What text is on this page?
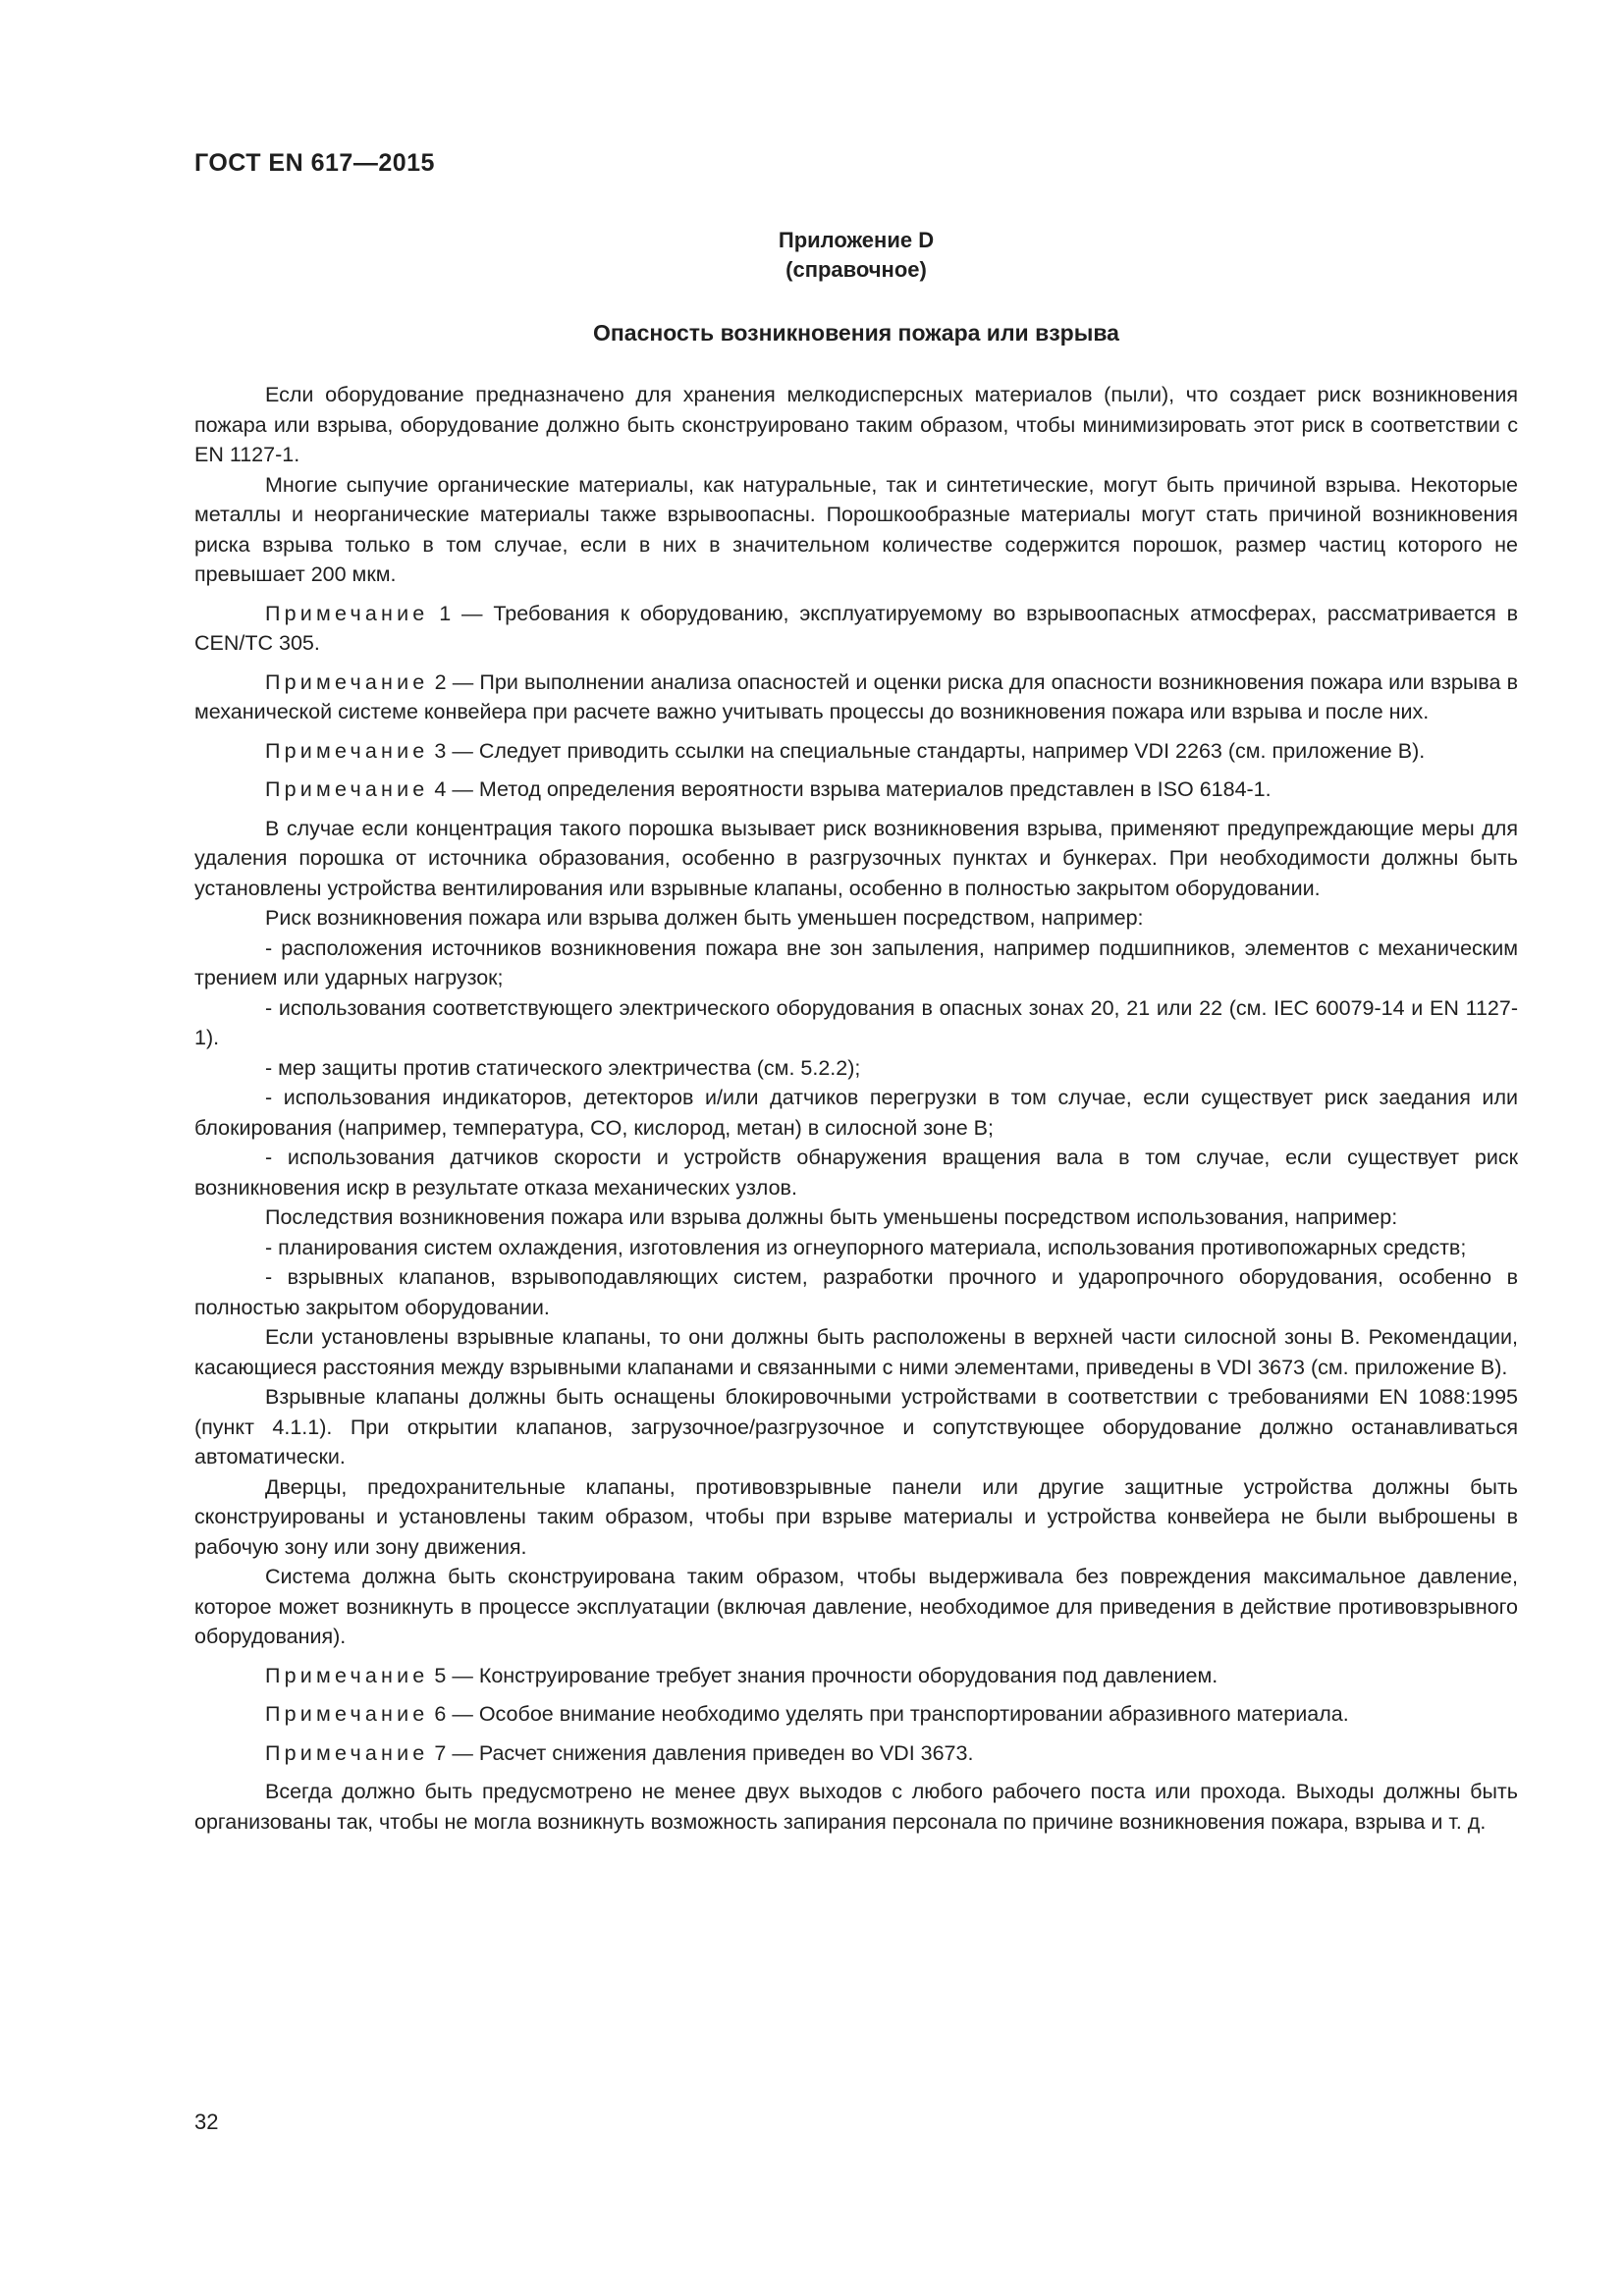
ГОСТ EN 617—2015
Приложение D
(справочное)
Опасность возникновения пожара или взрыва

Если оборудование предназначено для хранения мелкодисперсных материалов (пыли), что создает риск возникновения пожара или взрыва, оборудование должно быть сконструировано таким образом, чтобы минимизировать этот риск в соответствии с EN 1127-1.

Многие сыпучие органические материалы, как натуральные, так и синтетические, могут быть причиной взрыва. Некоторые металлы и неорганические материалы также взрывоопасны. Порошкообразные материалы могут стать причиной возникновения риска взрыва только в том случае, если в них в значительном количестве содержится порошок, размер частиц которого не превышает 200 мкм.

Примечание 1 — Требования к оборудованию, эксплуатируемому во взрывоопасных атмосферах, рассматривается в CEN/TC 305.

Примечание 2 — При выполнении анализа опасностей и оценки риска для опасности возникновения пожара или взрыва в механической системе конвейера при расчете важно учитывать процессы до возникновения пожара или взрыва и после них.

Примечание 3 — Следует приводить ссылки на специальные стандарты, например VDI 2263 (см. приложение B).

Примечание 4 — Метод определения вероятности взрыва материалов представлен в ISO 6184-1.

В случае если концентрация такого порошка вызывает риск возникновения взрыва, применяют предупреждающие меры для удаления порошка от источника образования, особенно в разгрузочных пунктах и бункерах. При необходимости должны быть установлены устройства вентилирования или взрывные клапаны, особенно в полностью закрытом оборудовании.

Риск возникновения пожара или взрыва должен быть уменьшен посредством, например:

- расположения источников возникновения пожара вне зон запыления, например подшипников, элементов с механическим трением или ударных нагрузок;

- использования соответствующего электрического оборудования в опасных зонах 20, 21 или 22 (см. IEC 60079-14 и EN 1127-1).

- мер защиты против статического электричества (см. 5.2.2);

- использования индикаторов, детекторов и/или датчиков перегрузки в том случае, если существует риск заедания или блокирования (например, температура, CO, кислород, метан) в силосной зоне B;

- использования датчиков скорости и устройств обнаружения вращения вала в том случае, если существует риск возникновения искр в результате отказа механических узлов.

Последствия возникновения пожара или взрыва должны быть уменьшены посредством использования, например:

- планирования систем охлаждения, изготовления из огнеупорного материала, использования противопожарных средств;

- взрывных клапанов, взрывоподавляющих систем, разработки прочного и ударопрочного оборудования, особенно в полностью закрытом оборудовании.

Если установлены взрывные клапаны, то они должны быть расположены в верхней части силосной зоны B. Рекомендации, касающиеся расстояния между взрывными клапанами и связанными с ними элементами, приведены в VDI 3673 (см. приложение B).

Взрывные клапаны должны быть оснащены блокировочными устройствами в соответствии с требованиями EN 1088:1995 (пункт 4.1.1). При открытии клапанов, загрузочное/разгрузочное и сопутствующее оборудование должно останавливаться автоматически.

Дверцы, предохранительные клапаны, противовзрывные панели или другие защитные устройства должны быть сконструированы и установлены таким образом, чтобы при взрыве материалы и устройства конвейера не были выброшены в рабочую зону или зону движения.

Система должна быть сконструирована таким образом, чтобы выдерживала без повреждения максимальное давление, которое может возникнуть в процессе эксплуатации (включая давление, необходимое для приведения в действие противовзрывного оборудования).

Примечание 5 — Конструирование требует знания прочности оборудования под давлением.

Примечание 6 — Особое внимание необходимо уделять при транспортировании абразивного материала.

Примечание 7 — Расчет снижения давления приведен во VDI 3673.

Всегда должно быть предусмотрено не менее двух выходов с любого рабочего поста или прохода. Выходы должны быть организованы так, чтобы не могла возникнуть возможность запирания персонала по причине возникновения пожара, взрыва и т. д.

32
